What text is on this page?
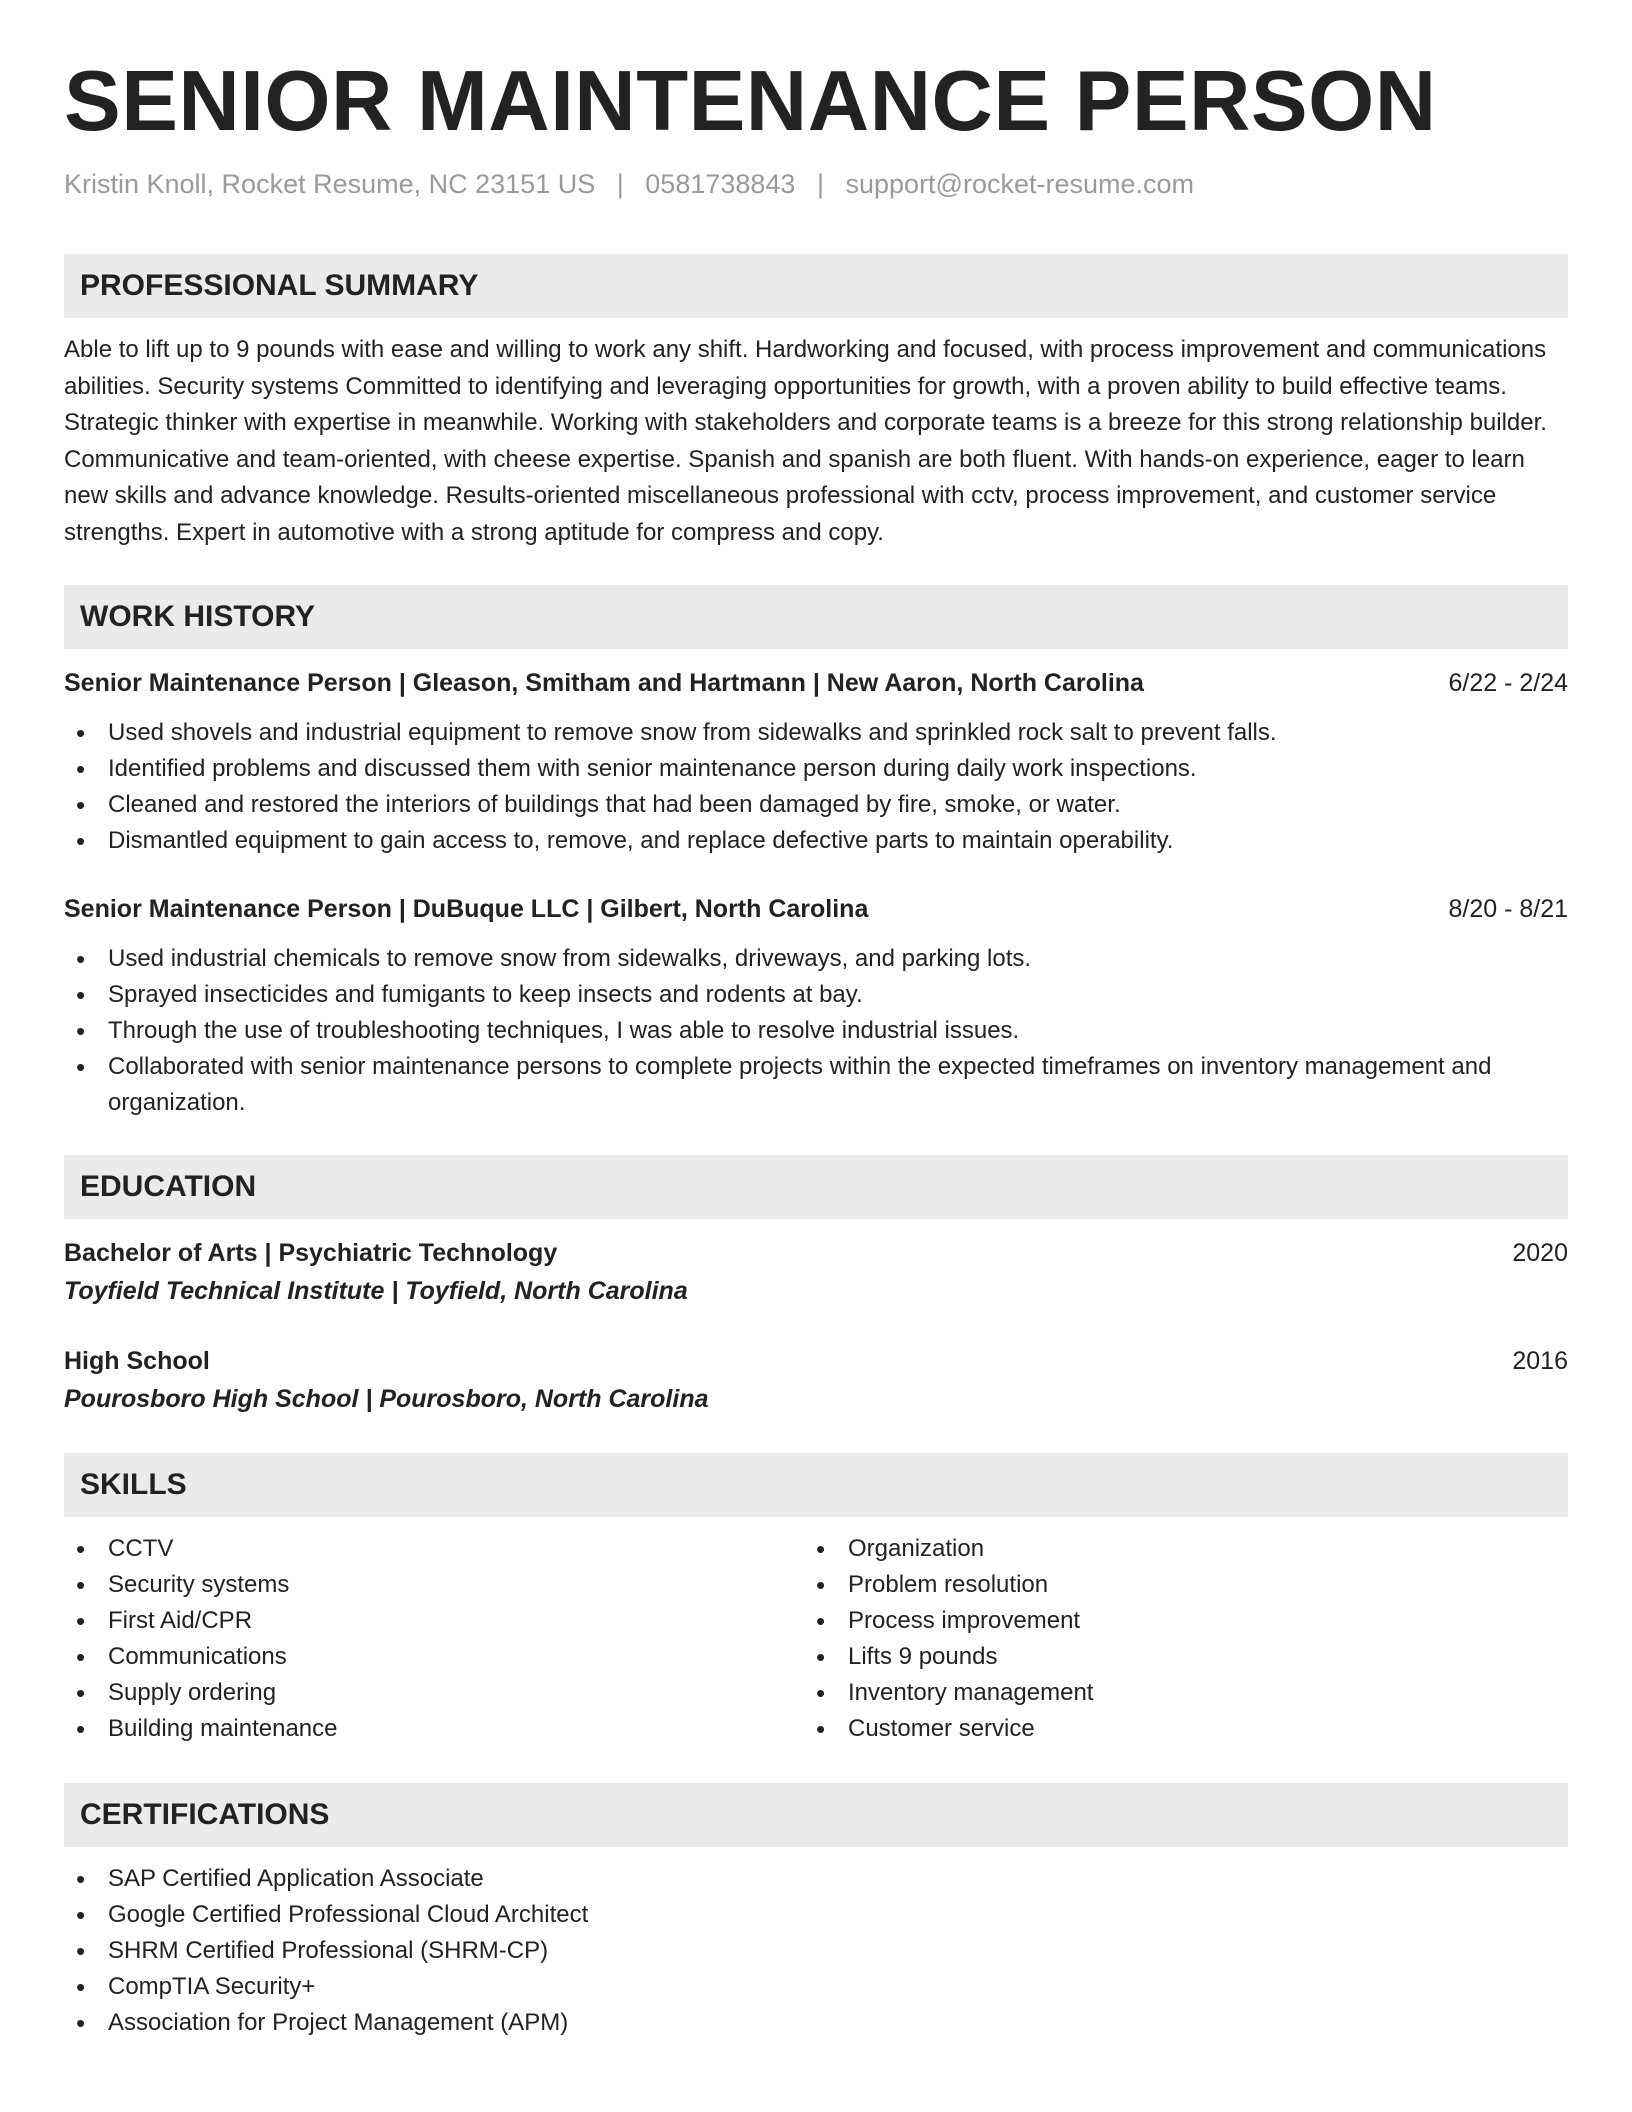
SENIOR MAINTENANCE PERSON
Kristin Knoll, Rocket Resume, NC 23151 US | 0581738843 | support@rocket-resume.com
PROFESSIONAL SUMMARY
Able to lift up to 9 pounds with ease and willing to work any shift. Hardworking and focused, with process improvement and communications abilities. Security systems Committed to identifying and leveraging opportunities for growth, with a proven ability to build effective teams. Strategic thinker with expertise in meanwhile. Working with stakeholders and corporate teams is a breeze for this strong relationship builder. Communicative and team-oriented, with cheese expertise. Spanish and spanish are both fluent. With hands-on experience, eager to learn new skills and advance knowledge. Results-oriented miscellaneous professional with cctv, process improvement, and customer service strengths. Expert in automotive with a strong aptitude for compress and copy.
WORK HISTORY
Senior Maintenance Person | Gleason, Smitham and Hartmann | New Aaron, North Carolina	6/22 - 2/24
• Used shovels and industrial equipment to remove snow from sidewalks and sprinkled rock salt to prevent falls.
• Identified problems and discussed them with senior maintenance person during daily work inspections.
• Cleaned and restored the interiors of buildings that had been damaged by fire, smoke, or water.
• Dismantled equipment to gain access to, remove, and replace defective parts to maintain operability.
Senior Maintenance Person | DuBuque LLC | Gilbert, North Carolina	8/20 - 8/21
• Used industrial chemicals to remove snow from sidewalks, driveways, and parking lots.
• Sprayed insecticides and fumigants to keep insects and rodents at bay.
• Through the use of troubleshooting techniques, I was able to resolve industrial issues.
• Collaborated with senior maintenance persons to complete projects within the expected timeframes on inventory management and organization.
EDUCATION
Bachelor of Arts | Psychiatric Technology	2020
Toyfield Technical Institute | Toyfield, North Carolina
High School	2016
Pourosboro High School | Pourosboro, North Carolina
SKILLS
• CCTV
• Security systems
• First Aid/CPR
• Communications
• Supply ordering
• Building maintenance
• Organization
• Problem resolution
• Process improvement
• Lifts 9 pounds
• Inventory management
• Customer service
CERTIFICATIONS
• SAP Certified Application Associate
• Google Certified Professional Cloud Architect
• SHRM Certified Professional (SHRM-CP)
• CompTIA Security+
• Association for Project Management (APM)
